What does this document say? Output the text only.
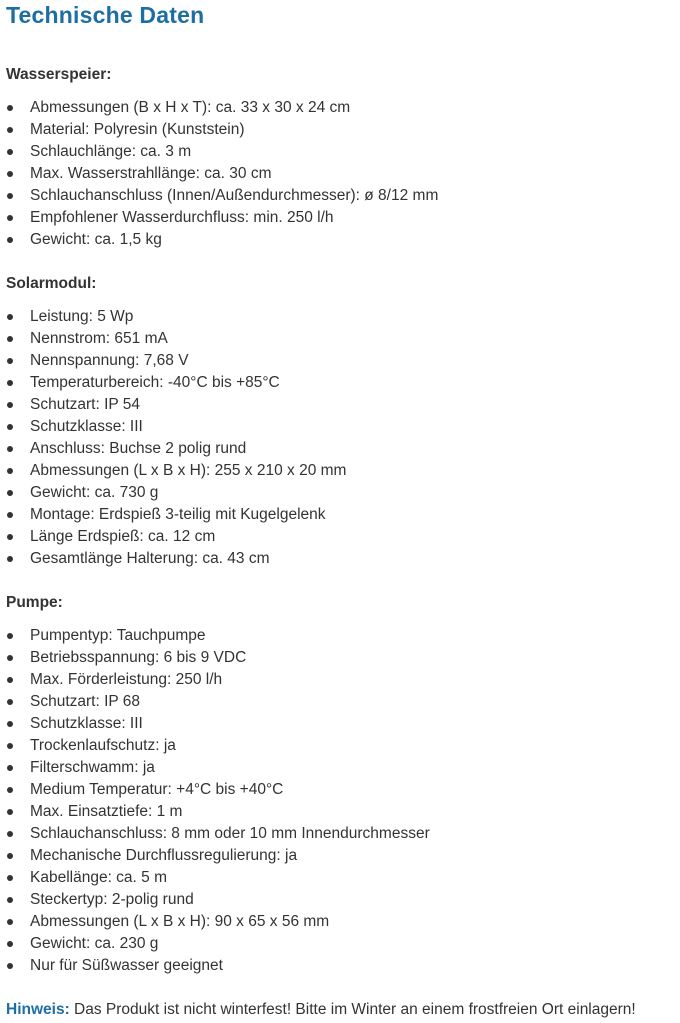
Technische Daten
Wasserspeier:
Abmessungen (B x H x T): ca. 33 x 30 x 24 cm
Material: Polyresin (Kunststein)
Schlauchlänge: ca. 3 m
Max. Wasserstrahllänge: ca. 30 cm
Schlauchanschluss (Innen/Außendurchmesser): ø 8/12 mm
Empfohlener Wasserdurchfluss: min. 250 l/h
Gewicht: ca. 1,5 kg
Solarmodul:
Leistung: 5 Wp
Nennstrom: 651 mA
Nennspannung: 7,68 V
Temperaturbereich: -40°C bis +85°C
Schutzart: IP 54
Schutzklasse: III
Anschluss: Buchse 2 polig rund
Abmessungen (L x B x H): 255 x 210 x 20 mm
Gewicht: ca. 730 g
Montage: Erdspieß 3-teilig mit Kugelgelenk
Länge Erdspieß: ca. 12 cm
Gesamtlänge Halterung: ca. 43 cm
Pumpe:
Pumpentyp: Tauchpumpe
Betriebsspannung: 6 bis 9 VDC
Max. Förderleistung: 250 l/h
Schutzart: IP 68
Schutzklasse: III
Trockenlaufschutz: ja
Filterschwamm: ja
Medium Temperatur: +4°C bis +40°C
Max. Einsatztiefe: 1 m
Schlauchanschluss: 8 mm oder 10 mm Innendurchmesser
Mechanische Durchflussregulierung: ja
Kabellänge: ca. 5 m
Steckertyp: 2-polig rund
Abmessungen (L x B x H): 90 x 65 x 56 mm
Gewicht: ca. 230 g
Nur für Süßwasser geeignet
Hinweis: Das Produkt ist nicht winterfest! Bitte im Winter an einem frostfreien Ort einlagern!
